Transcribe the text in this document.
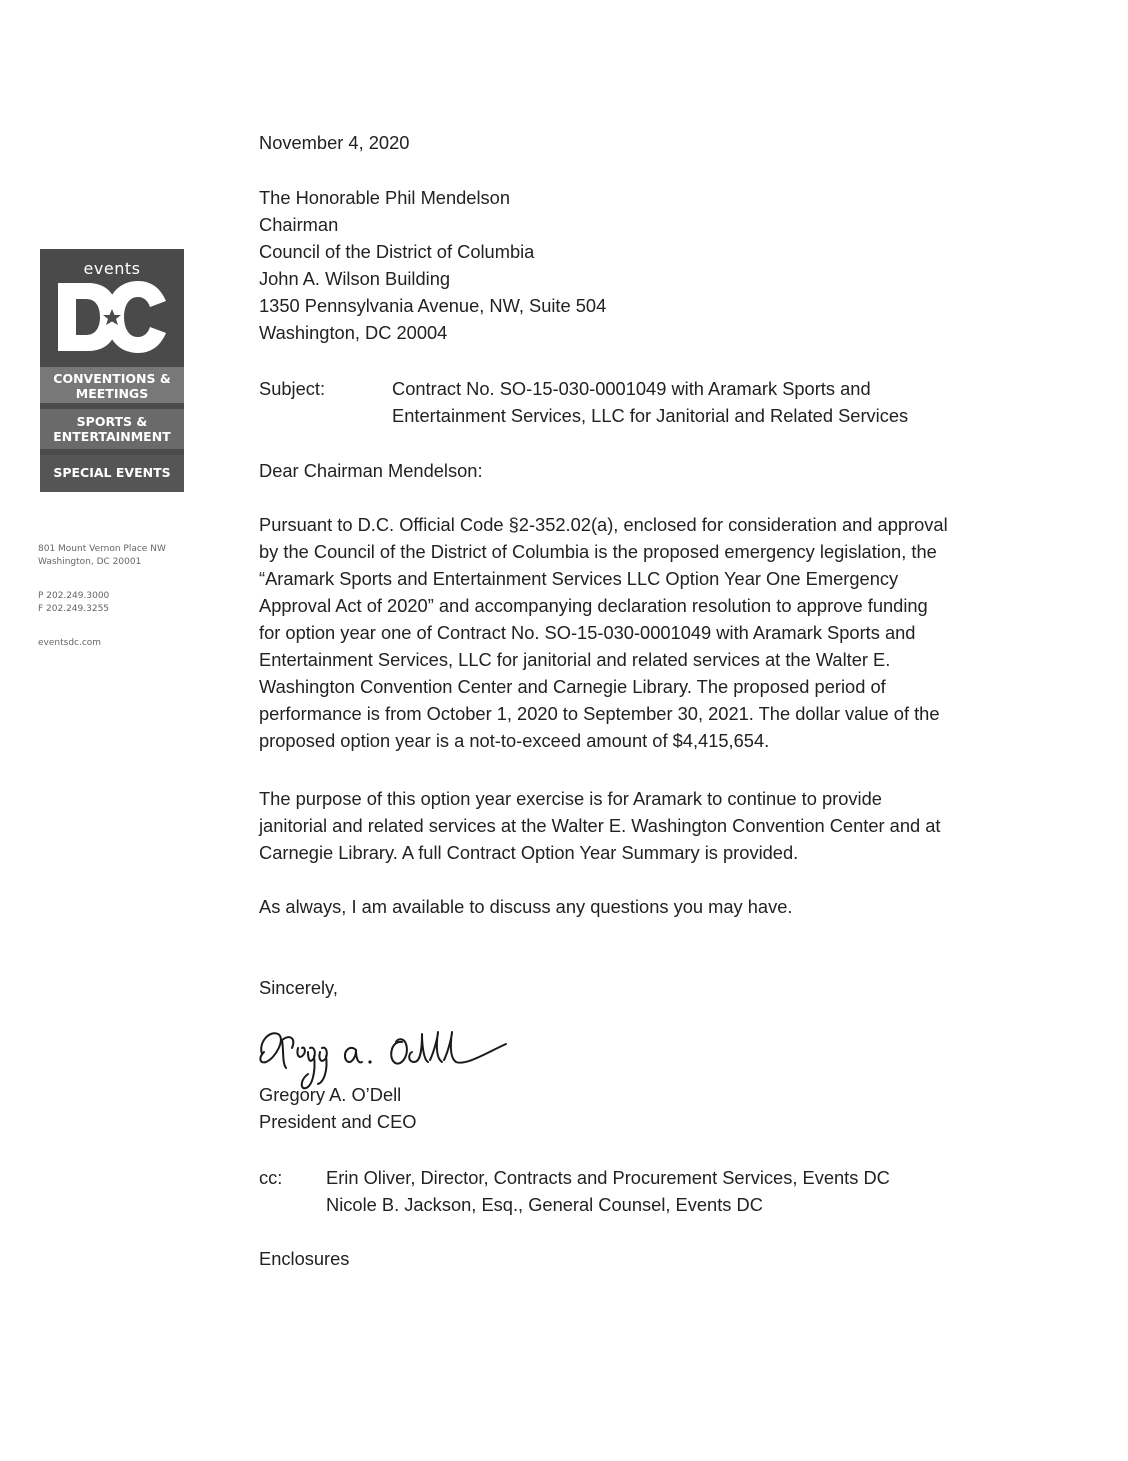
events
CONVENTIONS & MEETINGS
SPORTS & ENTERTAINMENT
SPECIAL EVENTS
801 Mount Vernon Place NW
Washington, DC 20001
P 202.249.3000
F 202.249.3255
eventsdc.com
November 4, 2020
The Honorable Phil Mendelson
Chairman
Council of the District of Columbia
John A. Wilson Building
1350 Pennsylvania Avenue, NW, Suite 504
Washington, DC 20004
Subject:	Contract No. SO-15-030-0001049 with Aramark Sports and
Entertainment Services, LLC for Janitorial and Related Services
Dear Chairman Mendelson:
Pursuant to D.C. Official Code §2-352.02(a), enclosed for consideration and approval
by the Council of the District of Columbia is the proposed emergency legislation, the
“Aramark Sports and Entertainment Services LLC Option Year One Emergency
Approval Act of 2020” and accompanying declaration resolution to approve funding
for option year one of Contract No. SO-15-030-0001049 with Aramark Sports and
Entertainment Services, LLC for janitorial and related services at the Walter E.
Washington Convention Center and Carnegie Library. The proposed period of
performance is from October 1, 2020 to September 30, 2021. The dollar value of the
proposed option year is a not-to-exceed amount of $4,415,654.
The purpose of this option year exercise is for Aramark to continue to provide
janitorial and related services at the Walter E. Washington Convention Center and at
Carnegie Library. A full Contract Option Year Summary is provided.
As always, I am available to discuss any questions you may have.
Sincerely,
Gregory A. O’Dell
President and CEO
cc: Erin Oliver, Director, Contracts and Procurement Services, Events DC
Nicole B. Jackson, Esq., General Counsel, Events DC
Enclosures
